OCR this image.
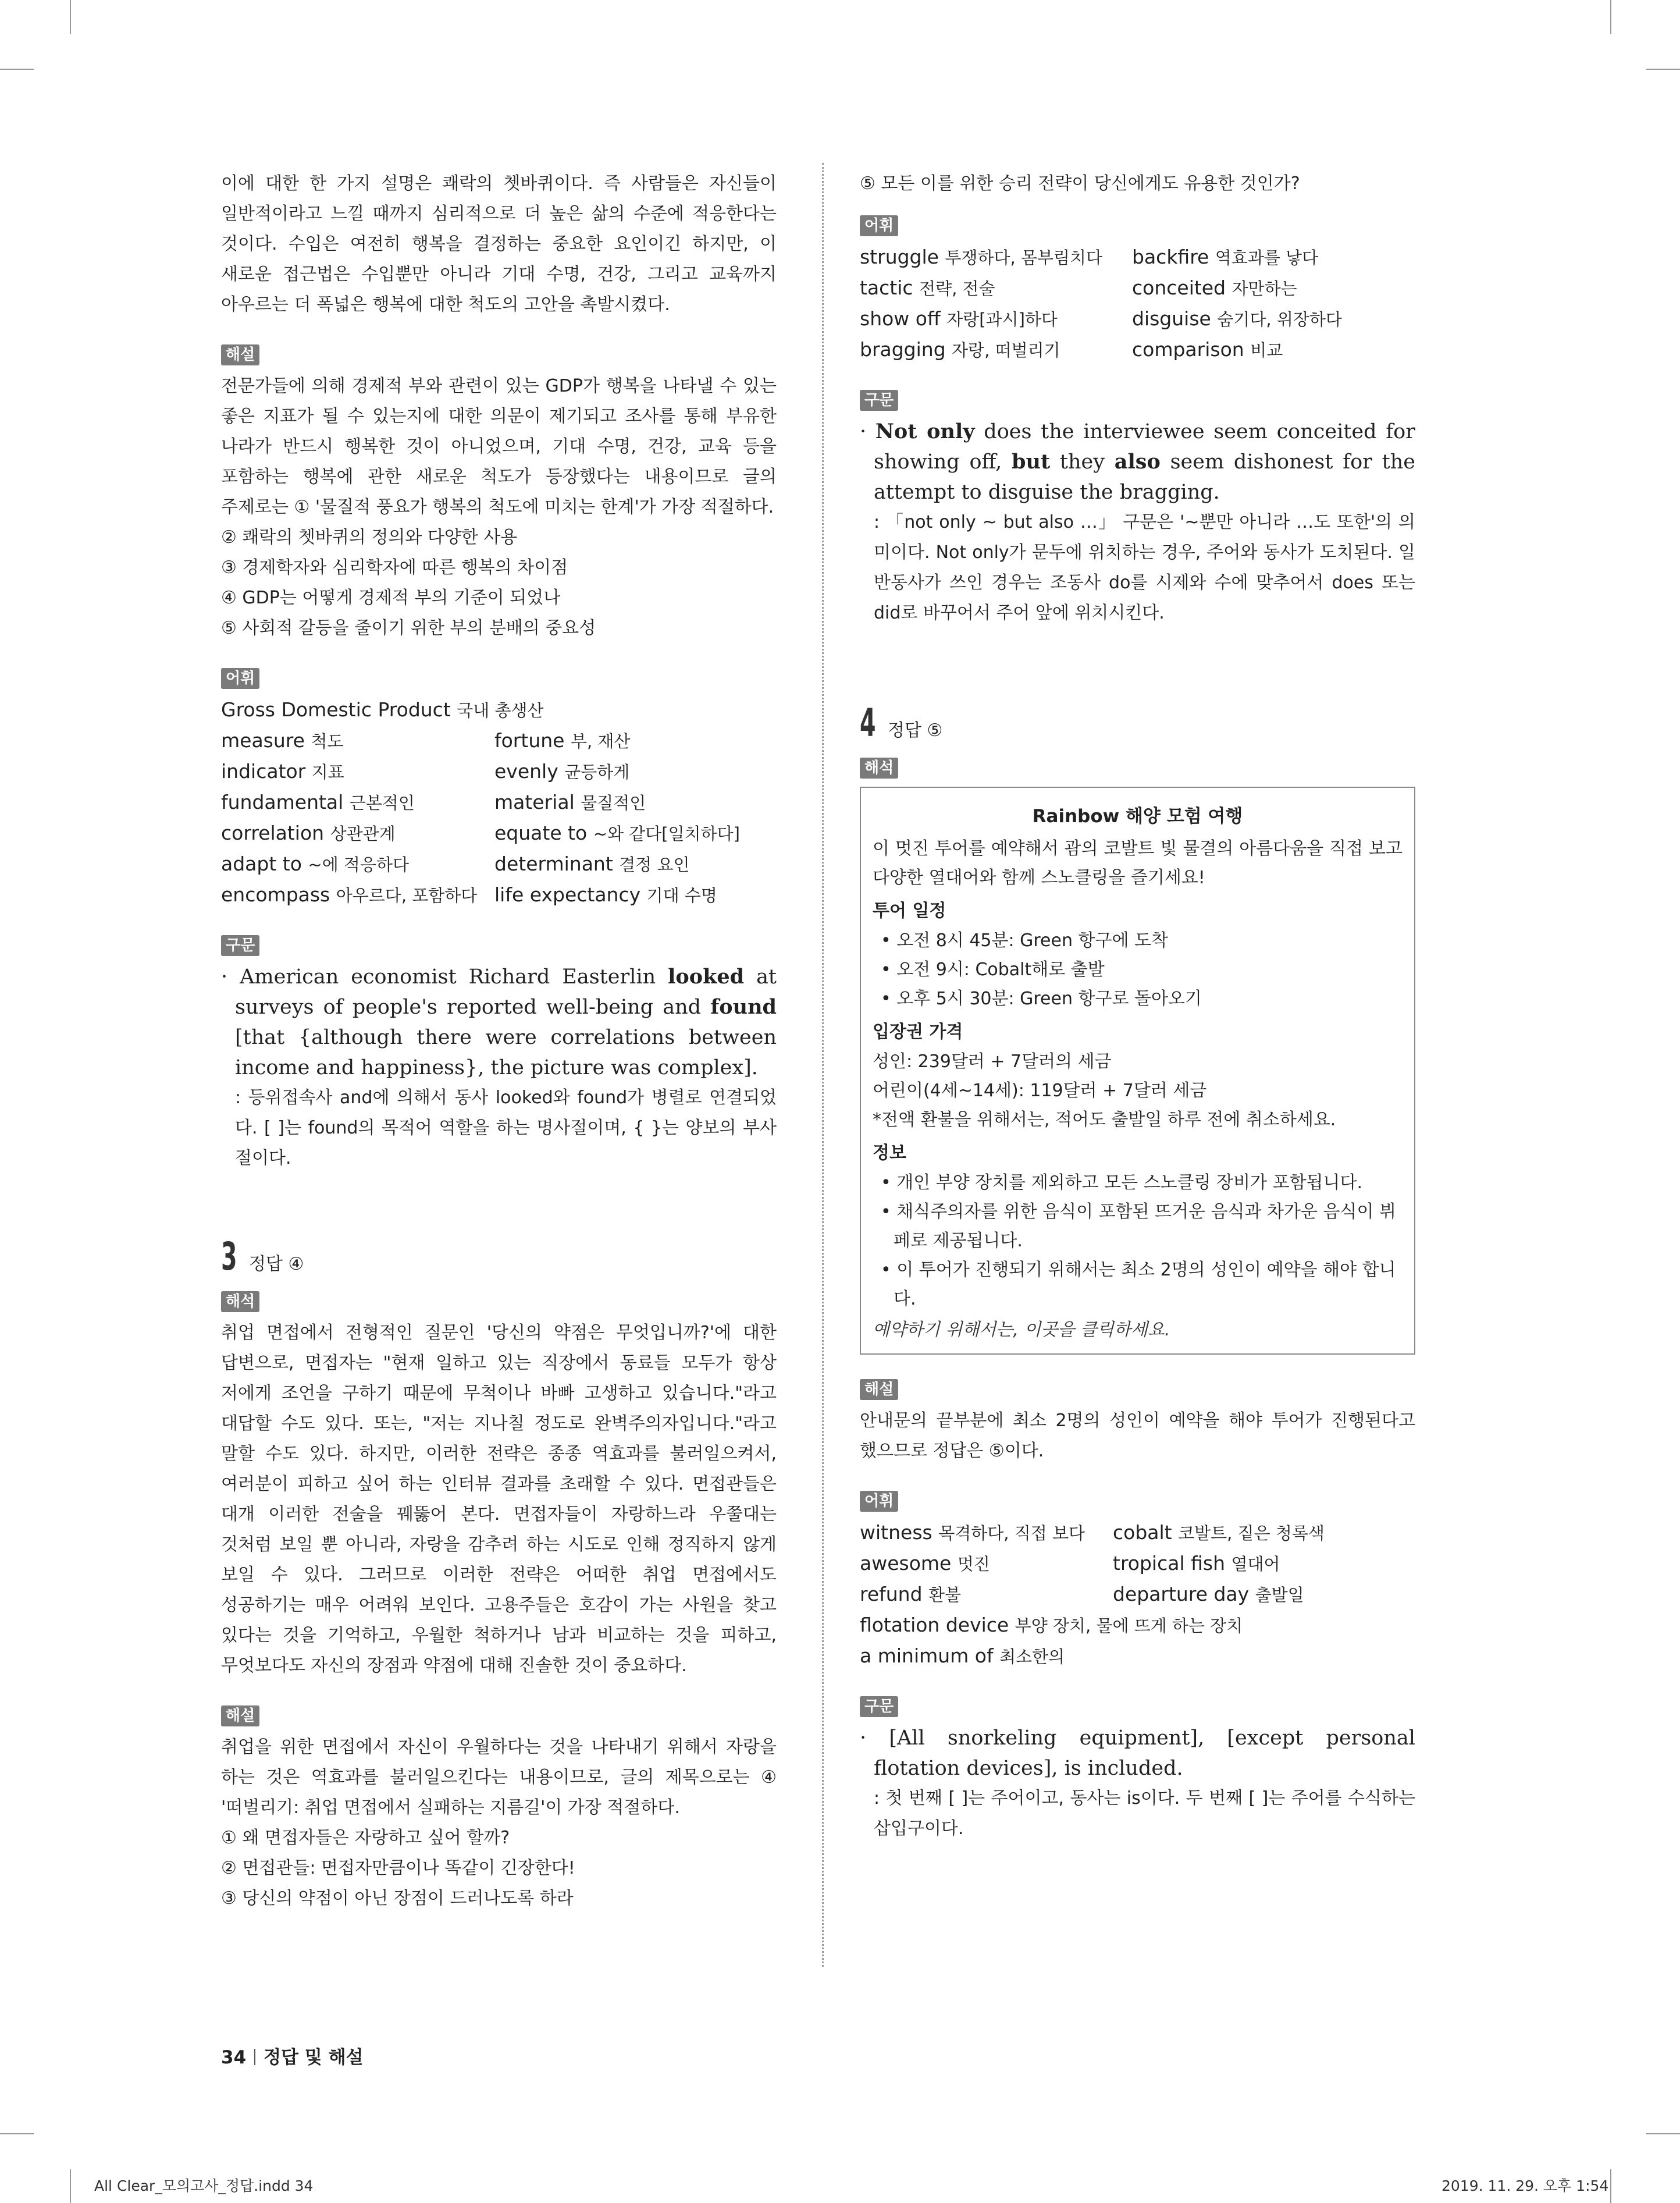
이에 대한 한 가지 설명은 쾌락의 쳇바퀴이다. 즉 사람들은 자신들이 일반적이라고 느낄 때까지 심리적으로 더 높은 삶의 수준에 적응한다는 것이다. 수입은 여전히 행복을 결정하는 중요한 요인이긴 하지만, 이 새로운 접근법은 수입뿐만 아니라 기대 수명, 건강, 그리고 교육까지 아우르는 더 폭넓은 행복에 대한 척도의 고안을 촉발시켰다.

해설

전문가들에 의해 경제적 부와 관련이 있는 GDP가 행복을 나타낼 수 있는 좋은 지표가 될 수 있는지에 대한 의문이 제기되고 조사를 통해 부유한 나라가 반드시 행복한 것이 아니었으며, 기대 수명, 건강, 교육 등을 포함하는 행복에 관한 새로운 척도가 등장했다는 내용이므로 글의 주제로는 ① '물질적 풍요가 행복의 척도에 미치는 한계'가 가장 적절하다.

② 쾌락의 쳇바퀴의 정의와 다양한 사용

③ 경제학자와 심리학자에 따른 행복의 차이점

④ GDP는 어떻게 경제적 부의 기준이 되었나

⑤ 사회적 갈등을 줄이기 위한 부의 분배의 중요성

어휘
Gross Domestic Product 국내 총생산
measure 척도	fortune 부, 재산
indicator 지표	evenly 균등하게
fundamental 근본적인	material 물질적인
correlation 상관관계	equate to ~와 같다[일치하다]
adapt to ~에 적응하다	determinant 결정 요인
encompass 아우르다, 포함하다 life expectancy 기대 수명
구문

· American economist Richard Easterlin looked at surveys of people's reported well-being and found [that {although there were correlations between income and happiness}, the picture was complex].

: 등위접속사 and에 의해서 동사 looked와 found가 병렬로 연결되었다. [ ]는 found의 목적어 역할을 하는 명사절이며, { }는 양보의 부사절이다.

3 정답 ④
해석

취업 면접에서 전형적인 질문인 '당신의 약점은 무엇입니까?'에 대한 답변으로, 면접자는 "현재 일하고 있는 직장에서 동료들 모두가 항상 저에게 조언을 구하기 때문에 무척이나 바빠 고생하고 있습니다."라고 대답할 수도 있다. 또는, "저는 지나칠 정도로 완벽주의자입니다."라고 말할 수도 있다. 하지만, 이러한 전략은 종종 역효과를 불러일으켜서, 여러분이 피하고 싶어 하는 인터뷰 결과를 초래할 수 있다. 면접관들은 대개 이러한 전술을 꿰뚫어 본다. 면접자들이 자랑하느라 우쭐대는 것처럼 보일 뿐 아니라, 자랑을 감추려 하는 시도로 인해 정직하지 않게 보일 수 있다. 그러므로 이러한 전략은 어떠한 취업 면접에서도 성공하기는 매우 어려워 보인다. 고용주들은 호감이 가는 사원을 찾고 있다는 것을 기억하고, 우월한 척하거나 남과 비교하는 것을 피하고, 무엇보다도 자신의 장점과 약점에 대해 진솔한 것이 중요하다.

해설

취업을 위한 면접에서 자신이 우월하다는 것을 나타내기 위해서 자랑을 하는 것은 역효과를 불러일으킨다는 내용이므로, 글의 제목으로는 ④ '떠벌리기: 취업 면접에서 실패하는 지름길'이 가장 적절하다.

① 왜 면접자들은 자랑하고 싶어 할까?

② 면접관들: 면접자만큼이나 똑같이 긴장한다!

③ 당신의 약점이 아닌 장점이 드러나도록 하라

⑤ 모든 이를 위한 승리 전략이 당신에게도 유용한 것인가?

어휘
struggle 투쟁하다, 몸부림치다	backfire 역효과를 낳다
tactic 전략, 전술	conceited 자만하는
show off 자랑[과시]하다	disguise 숨기다, 위장하다
bragging 자랑, 떠벌리기	comparison 비교
구문

· Not only does the interviewee seem conceited for showing off, but they also seem dishonest for the attempt to disguise the bragging.

: 「not only ~ but also …」 구문은 '~뿐만 아니라 …도 또한'의 의미이다. Not only가 문두에 위치하는 경우, 주어와 동사가 도치된다. 일반동사가 쓰인 경우는 조동사 do를 시제와 수에 맞추어서 does 또는 did로 바꾸어서 주어 앞에 위치시킨다.

4 정답 ⑤
해석
Rainbow 해양 모험 여행

이 멋진 투어를 예약해서 괌의 코발트 빛 물결의 아름다움을 직접 보고 다양한 열대어와 함께 스노클링을 즐기세요!

투어 일정

• 오전 8시 45분: Green 항구에 도착

• 오전 9시: Cobalt해로 출발

• 오후 5시 30분: Green 항구로 돌아오기

입장권 가격

성인: 239달러 + 7달러의 세금

어린이(4세~14세): 119달러 + 7달러 세금

*전액 환불을 위해서는, 적어도 출발일 하루 전에 취소하세요.

정보

• 개인 부양 장치를 제외하고 모든 스노클링 장비가 포함됩니다.

• 채식주의자를 위한 음식이 포함된 뜨거운 음식과 차가운 음식이 뷔페로 제공됩니다.

• 이 투어가 진행되기 위해서는 최소 2명의 성인이 예약을 해야 합니다.

예약하기 위해서는, 이곳을 클릭하세요.
해설

안내문의 끝부분에 최소 2명의 성인이 예약을 해야 투어가 진행된다고 했으므로 정답은 ⑤이다.

어휘
witness 목격하다, 직접 보다	cobalt 코발트, 짙은 청록색
awesome 멋진	tropical fish 열대어
refund 환불	departure day 출발일
flotation device 부양 장치, 물에 뜨게 하는 장치
a minimum of 최소한의
구문

· [All snorkeling equipment], [except personal flotation devices], is included.

: 첫 번째 [ ]는 주어이고, 동사는 is이다. 두 번째 [ ]는 주어를 수식하는 삽입구이다.

34 정답 및 해설
All Clear_모의고사_정답.indd 34	2019. 11. 29. 오후 1:54
